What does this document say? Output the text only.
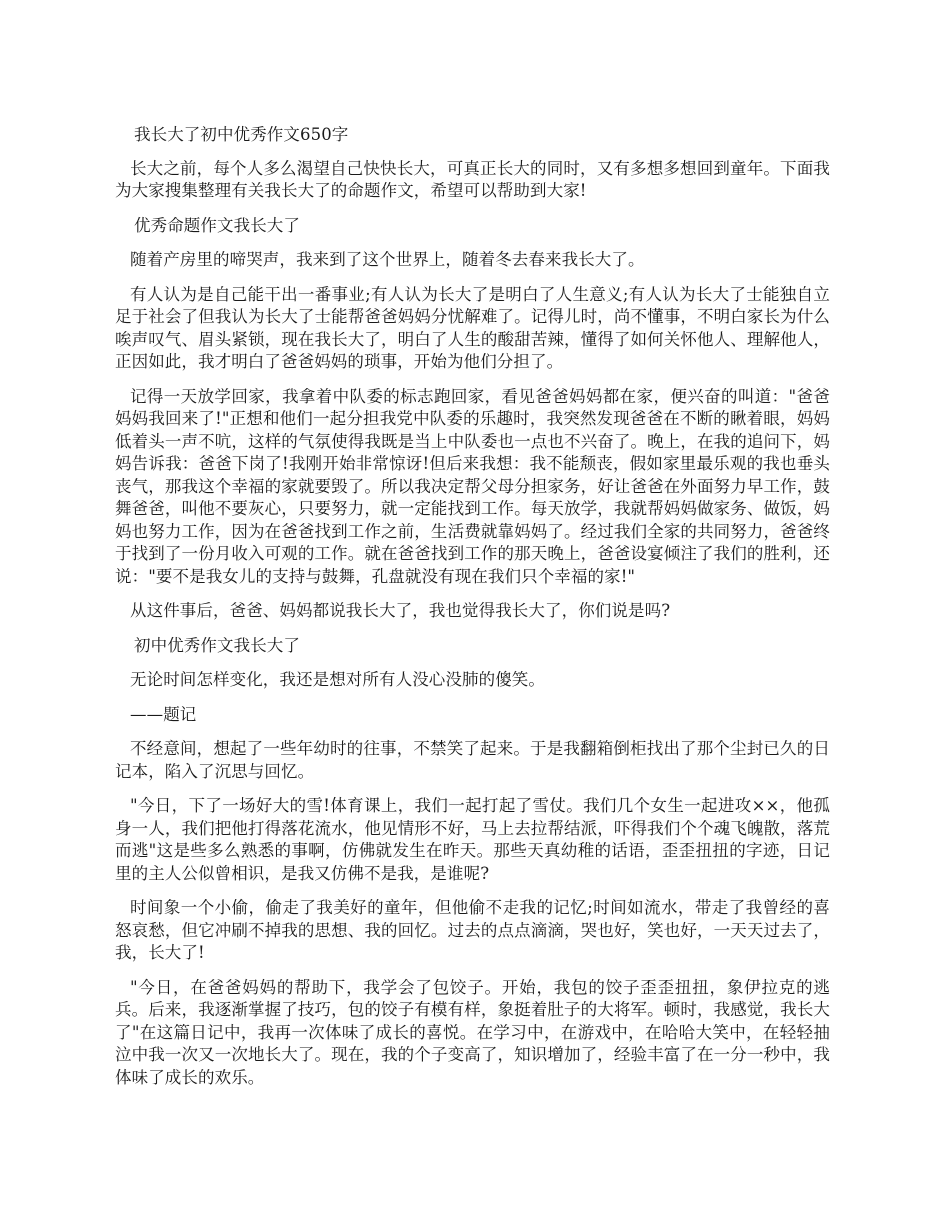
我长大了初中优秀作文650字

长大之前，每个人多么渴望自己快快长大，可真正长大的同时，又有多想多想回到童年。下面我为大家搜集整理有关我长大了的命题作文，希望可以帮助到大家!

优秀命题作文我长大了

随着产房里的啼哭声，我来到了这个世界上，随着冬去春来我长大了。

有人认为是自己能干出一番事业;有人认为长大了是明白了人生意义;有人认为长大了士能独自立足于社会了但我认为长大了士能帮爸爸妈妈分忧解难了。记得儿时，尚不懂事，不明白家长为什么唉声叹气、眉头紧锁，现在我长大了，明白了人生的酸甜苦辣，懂得了如何关怀他人、理解他人，正因如此，我才明白了爸爸妈妈的琐事，开始为他们分担了。

记得一天放学回家，我拿着中队委的标志跑回家，看见爸爸妈妈都在家，便兴奋的叫道："爸爸妈妈我回来了!"正想和他们一起分担我党中队委的乐趣时，我突然发现爸爸在不断的瞅着眼，妈妈低着头一声不吭，这样的气氛使得我既是当上中队委也一点也不兴奋了。晚上，在我的追问下，妈妈告诉我：爸爸下岗了!我刚开始非常惊讶!但后来我想：我不能颓丧，假如家里最乐观的我也垂头丧气，那我这个幸福的家就要毁了。所以我决定帮父母分担家务，好让爸爸在外面努力早工作，鼓舞爸爸，叫他不要灰心，只要努力，就一定能找到工作。每天放学，我就帮妈妈做家务、做饭，妈妈也努力工作，因为在爸爸找到工作之前，生活费就靠妈妈了。经过我们全家的共同努力，爸爸终于找到了一份月收入可观的工作。就在爸爸找到工作的那天晚上，爸爸设宴倾注了我们的胜利，还说："要不是我女儿的支持与鼓舞，孔盘就没有现在我们只个幸福的家!"

从这件事后，爸爸、妈妈都说我长大了，我也觉得我长大了，你们说是吗?

初中优秀作文我长大了

无论时间怎样变化，我还是想对所有人没心没肺的傻笑。

——题记

不经意间，想起了一些年幼时的往事，不禁笑了起来。于是我翻箱倒柜找出了那个尘封已久的日记本，陷入了沉思与回忆。

"今日，下了一场好大的雪!体育课上，我们一起打起了雪仗。我们几个女生一起进攻××，他孤身一人，我们把他打得落花流水，他见情形不好，马上去拉帮结派，吓得我们个个魂飞魄散，落荒而逃"这是些多么熟悉的事啊，仿佛就发生在昨天。那些天真幼稚的话语，歪歪扭扭的字迹，日记里的主人公似曾相识，是我又仿佛不是我，是谁呢?

时间象一个小偷，偷走了我美好的童年，但他偷不走我的记忆;时间如流水，带走了我曾经的喜怒哀愁，但它冲刷不掉我的思想、我的回忆。过去的点点滴滴，哭也好，笑也好，一天天过去了，我，长大了!

"今日，在爸爸妈妈的帮助下，我学会了包饺子。开始，我包的饺子歪歪扭扭，象伊拉克的逃兵。后来，我逐渐掌握了技巧，包的饺子有模有样，象挺着肚子的大将军。顿时，我感觉，我长大了"在这篇日记中，我再一次体味了成长的喜悦。在学习中，在游戏中，在哈哈大笑中，在轻轻抽泣中我一次又一次地长大了。现在，我的个子变高了，知识增加了，经验丰富了在一分一秒中，我体味了成长的欢乐。
